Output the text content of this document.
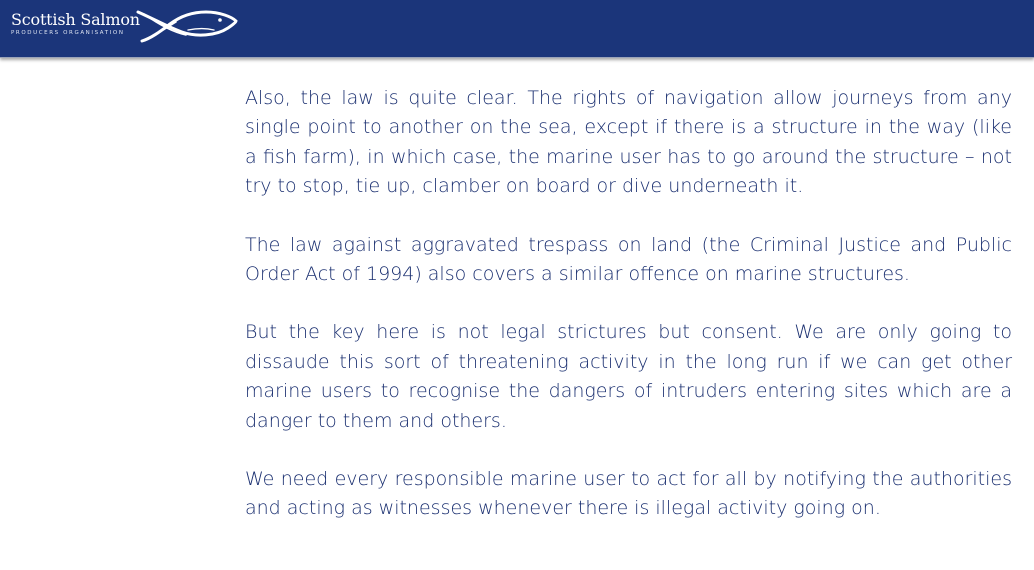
Scottish Salmon
PRODUCERS ORGANISATION

Also, the law is quite clear. The rights of navigation allow journeys from any single point to another on the sea, except if there is a structure in the way (like a fish farm), in which case, the marine user has to go around the structure – not try to stop, tie up, clamber on board or dive underneath it.

The law against aggravated trespass on land (the Criminal Justice and Public Order Act of 1994) also covers a similar offence on marine structures.

But the key here is not legal strictures but consent. We are only going to dissaude this sort of threatening activity in the long run if we can get other marine users to recognise the dangers of intruders entering sites which are a danger to them and others.

We need every responsible marine user to act for all by notifying the authorities and acting as witnesses whenever there is illegal activity going on.
